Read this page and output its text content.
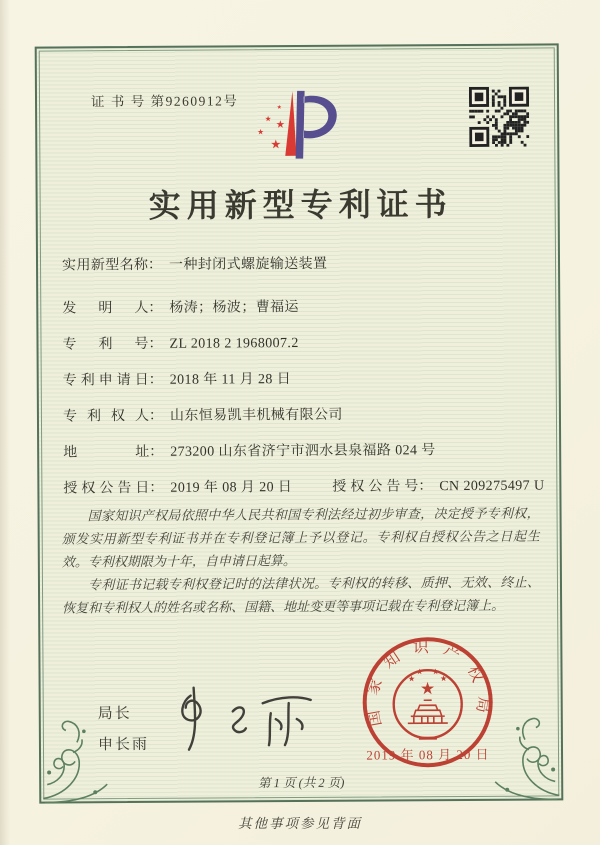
证 书 号 第9260912号	★
★ ★
★
★
实用新型专利证书
实用新型名称： 一种封闭式螺旋输送装置
发明人： 杨涛；杨波；曹福运
专利号： ZL 2018 2 1968007.2
专利申请日： 2018 年 11 月 28 日
专利权人： 山东恒易凯丰机械有限公司
地址： 273200 山东省济宁市泗水县泉福路 024 号
授权公告日： 2019 年 08 月 20 日	授权公告号： CN 209275497 U

国家知识产权局依照中华人民共和国专利法经过初步审查，决定授予专利权，颁发实用新型专利证书并在专利登记簿上予以登记。专利权自授权公告之日起生效。专利权期限为十年，自申请日起算。

专利证书记载专利权登记时的法律状况。专利权的转移、质押、无效、终止、恢复和专利权人的姓名或名称、国籍、地址变更等事项记载在专利登记簿上。

局长
申长雨
国家知识产权局
★
★
★ ★
★
2019 年 08 月 20 日
第 1 页 (共 2 页)
其他事项参见背面
